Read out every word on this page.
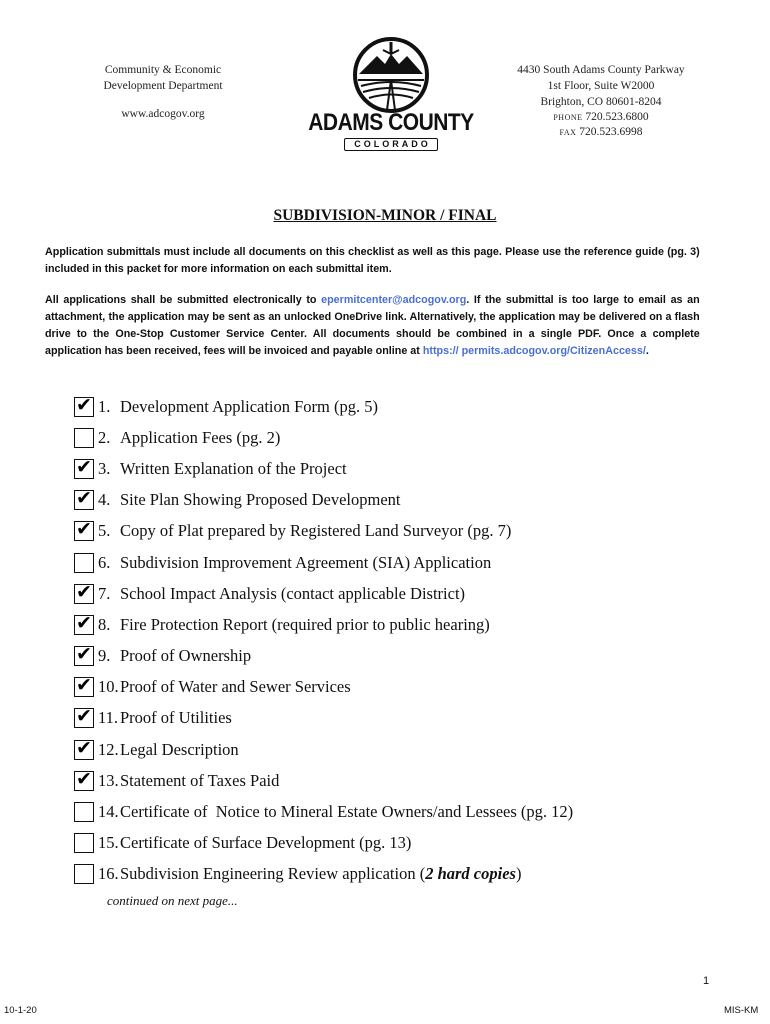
Community & Economic
Development Department
www.adcogov.org	ADAMS COUNTY
COLORADO
4430 South Adams County Parkway
1st Floor, Suite W2000
Brighton, CO 80601-8204
PHONE 720.523.6800
FAX 720.523.6998
SUBDIVISION-MINOR / FINAL
Application submittals must include all documents on this checklist as well as this page. Please use the reference guide (pg. 3) included in this packet for more information on each submittal item.
All applications shall be submitted electronically to epermitcenter@adcogov.org. If the submittal is too large to email as an attachment, the application may be sent as an unlocked OneDrive link. Alternatively, the application may be delivered on a flash drive to the One-Stop Customer Service Center. All documents should be combined in a single PDF. Once a complete application has been received, fees will be invoiced and payable online at https:// permits.adcogov.org/CitizenAccess/.
✔
1. Development Application Form (pg. 5)
2. Application Fees (pg. 2)
✔
3. Written Explanation of the Project
✔
4. Site Plan Showing Proposed Development
✔
5. Copy of Plat prepared by Registered Land Surveyor (pg. 7)
6. Subdivision Improvement Agreement (SIA) Application
✔
7. School Impact Analysis (contact applicable District)
✔
8. Fire Protection Report (required prior to public hearing)
✔
9. Proof of Ownership
✔
10. Proof of Water and Sewer Services
✔
11. Proof of Utilities
✔
12. Legal Description
✔
13. Statement of Taxes Paid
14. Certificate of  Notice to Mineral Estate Owners/and Lessees (pg. 12)
15. Certificate of Surface Development (pg. 13)
16. Subdivision Engineering Review application ( 2 hard copies )
continued on next page...
1
10-1-20	MIS-KM
